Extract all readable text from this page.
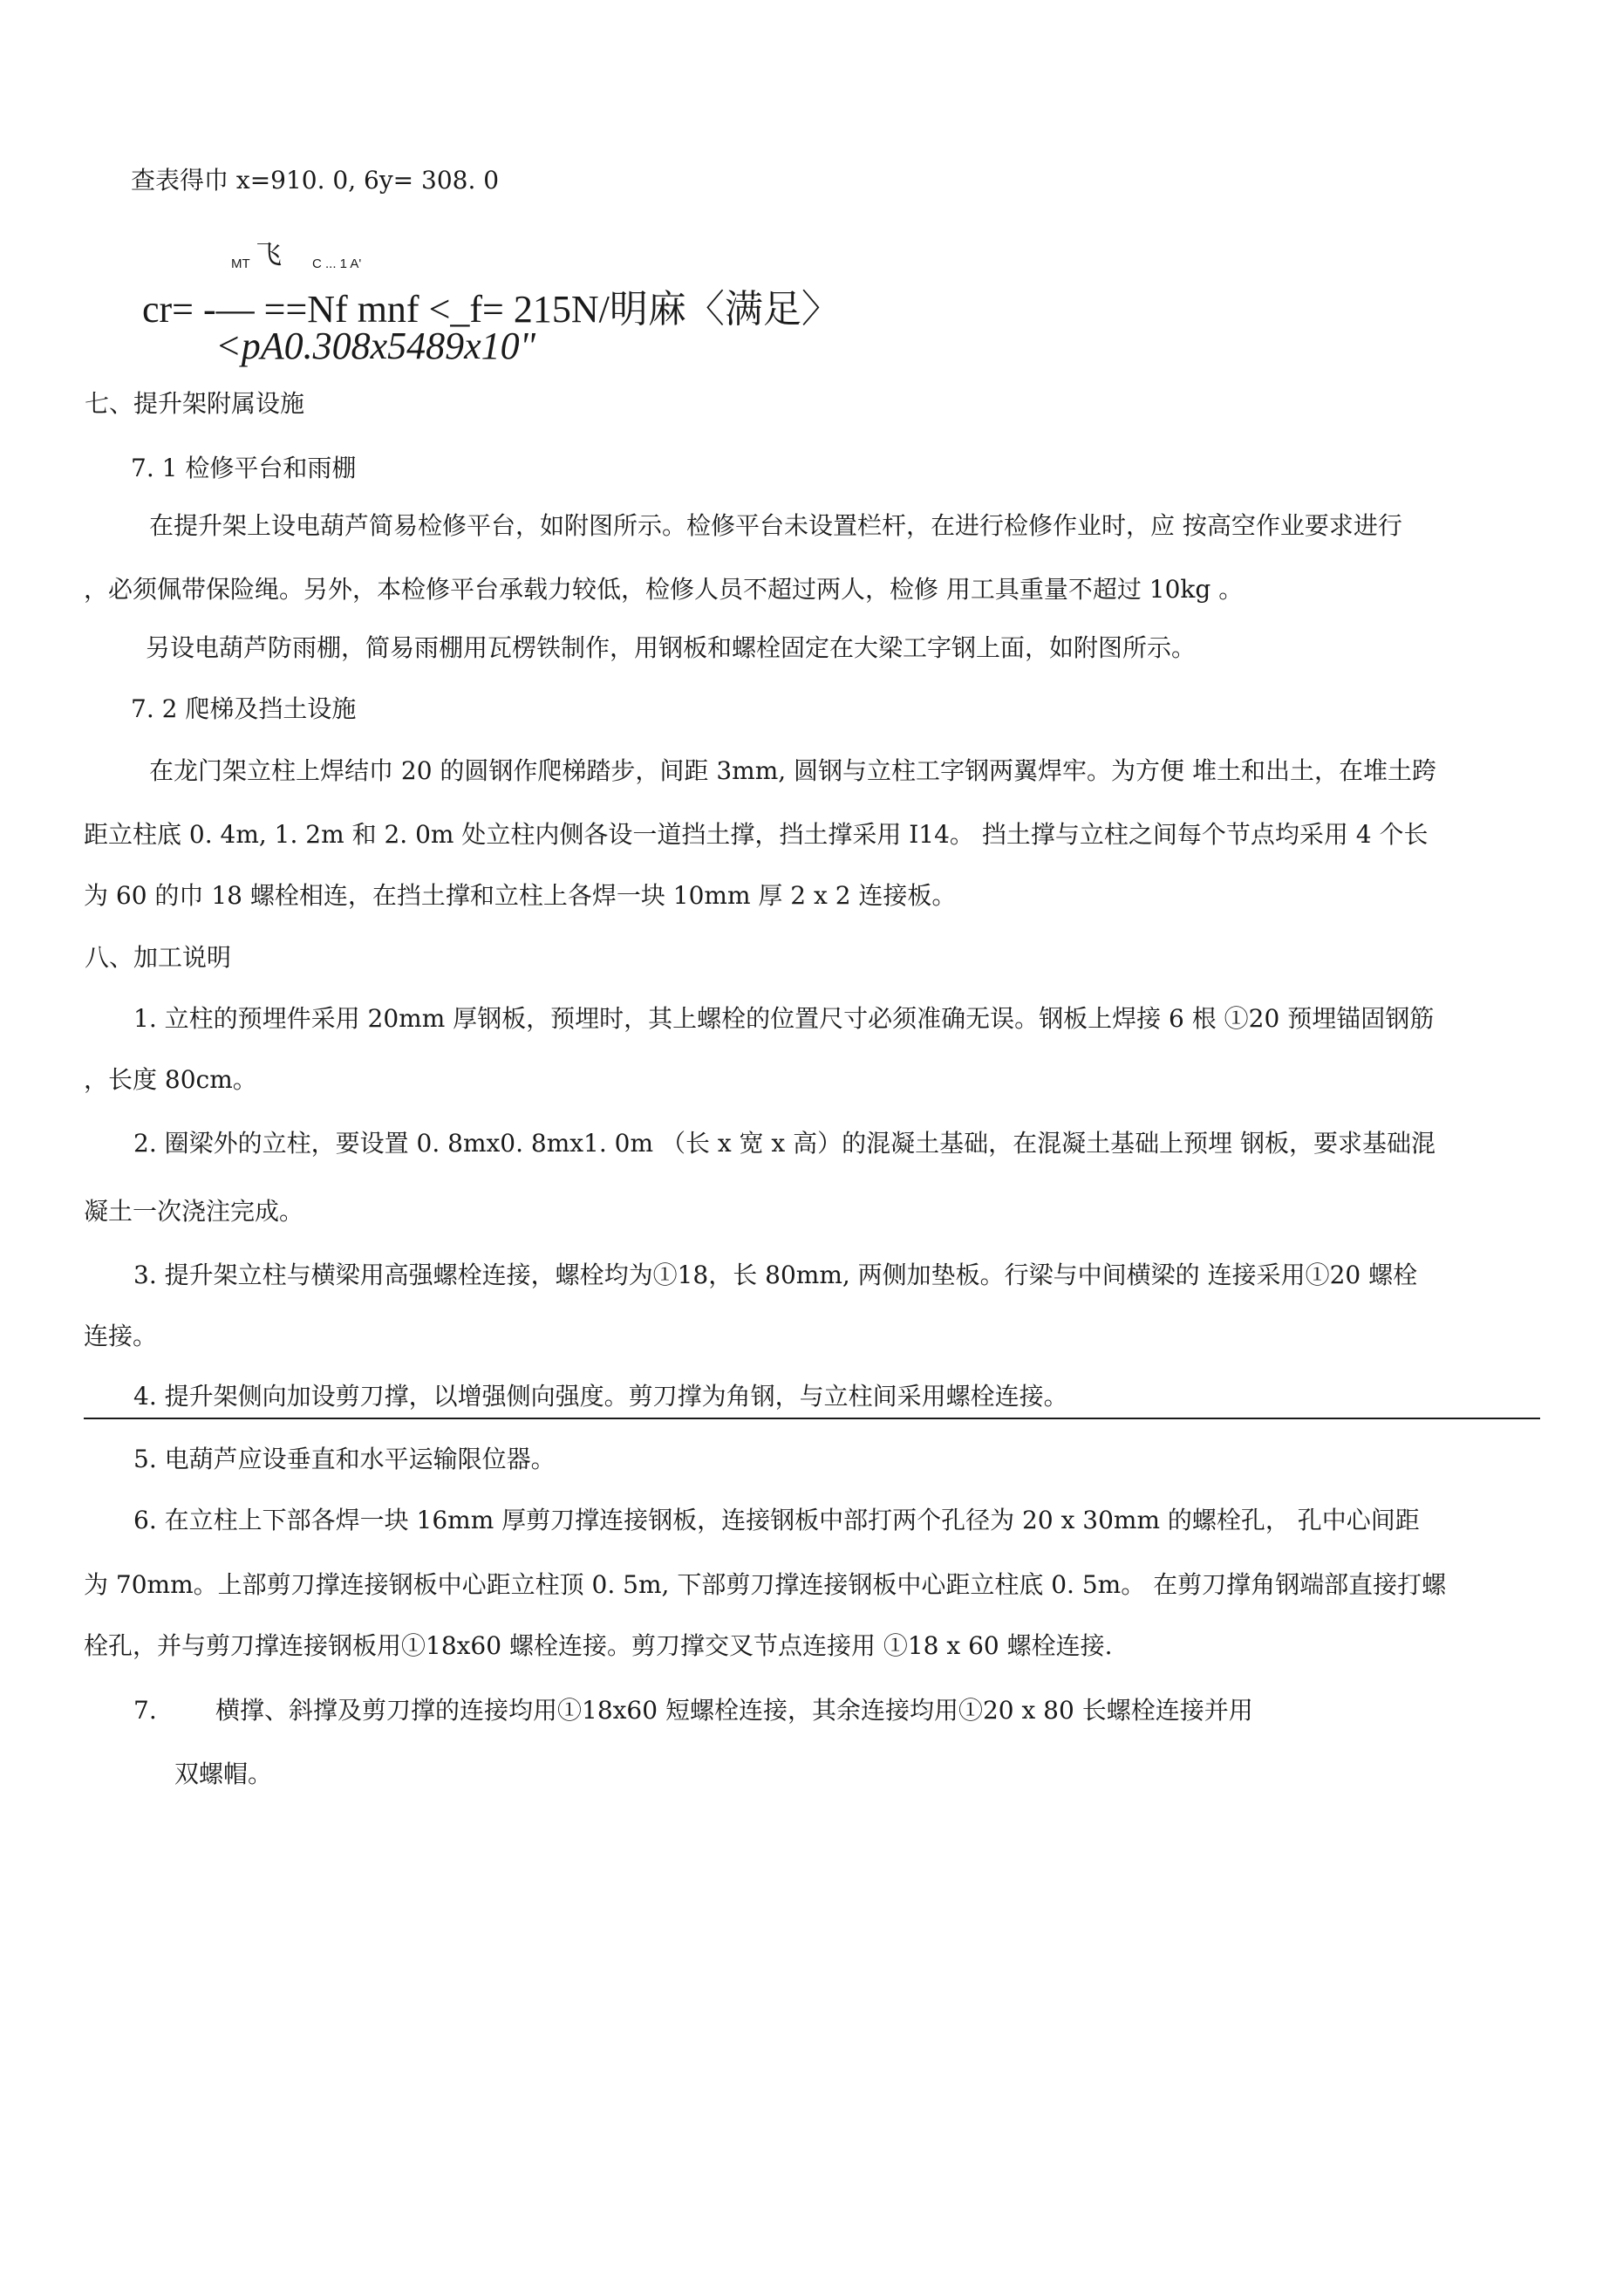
查表得巾 x=910. 0, 6y= 308. 0
MT 飞 C ... 1 A'
cr= -— ==Nf mnf <_f= 215N/明麻〈满足〉
<pA0.308x5489x10"
七、提升架附属设施
7. 1 检修平台和雨棚
在提升架上设电葫芦简易检修平台，如附图所示。检修平台未设置栏杆，在进行检修作业时，应 按高空作业要求进行
，必须佩带保险绳。另外，本检修平台承载力较低，检修人员不超过两人，检修 用工具重量不超过 10kg 。
另设电葫芦防雨棚，简易雨棚用瓦楞铁制作，用钢板和螺栓固定在大梁工字钢上面，如附图所示。
7. 2 爬梯及挡土设施
在龙门架立柱上焊结巾 20 的圆钢作爬梯踏步，间距 3mm, 圆钢与立柱工字钢两翼焊牢。为方便 堆土和出土，在堆土跨
距立柱底 0. 4m, 1. 2m 和 2. 0m 处立柱内侧各设一道挡土撑，挡土撑采用 I14。 挡土撑与立柱之间每个节点均采用 4 个长
为 60 的巾 18 螺栓相连，在挡土撑和立柱上各焊一块 10mm 厚 2 x 2 连接板。
八、加工说明
1. 立柱的预埋件采用 20mm 厚钢板，预埋时，其上螺栓的位置尺寸必须准确无误。钢板上焊接 6 根 ①20 预埋锚固钢筋
，长度 80cm。
2. 圈梁外的立柱，要设置 0. 8mx0. 8mx1. 0m （长 x 宽 x 高）的混凝土基础，在混凝土基础上预埋 钢板，要求基础混
凝土一次浇注完成。
3. 提升架立柱与横梁用高强螺栓连接，螺栓均为①18，长 80mm, 两侧加垫板。行梁与中间横梁的 连接采用①20 螺栓
连接。
4. 提升架侧向加设剪刀撑，以增强侧向强度。剪刀撑为角钢，与立柱间采用螺栓连接。
5. 电葫芦应设垂直和水平运输限位器。
6. 在立柱上下部各焊一块 16mm 厚剪刀撑连接钢板，连接钢板中部打两个孔径为 20 x 30mm 的螺栓孔， 孔中心间距
为 70mm。上部剪刀撑连接钢板中心距立柱顶 0. 5m, 下部剪刀撑连接钢板中心距立柱底 0. 5m。 在剪刀撑角钢端部直接打螺
栓孔，并与剪刀撑连接钢板用①18x60 螺栓连接。剪刀撑交叉节点连接用 ①18 x 60 螺栓连接.
7. 横撑、斜撑及剪刀撑的连接均用①18x60 短螺栓连接，其余连接均用①20 x 80 长螺栓连接并用
双螺帽。
